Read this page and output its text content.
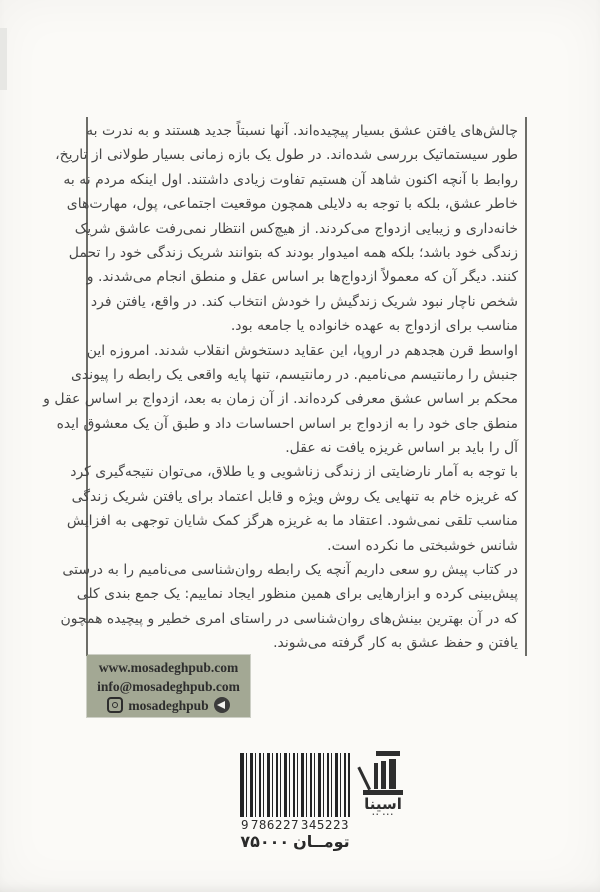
چالش‌های یافتن عشق بسیار پیچیده‌اند. آنها نسبتاً جدید هستند و به ندرت به
طور سیستماتیک بررسی شده‌اند. در طول یک بازه زمانی بسیار طولانی از تاریخ،
روابط با آنچه اکنون شاهد آن هستیم تفاوت زیادی داشتند. اول اینکه مردم نه به
خاطر عشق، بلکه با توجه به دلایلی همچون موقعیت اجتماعی، پول، مهارت‌های
خانه‌داری و زیبایی ازدواج می‌کردند. از هیچ‌کس انتظار نمی‌رفت عاشق شریک
زندگی خود باشد؛ بلکه همه امیدوار بودند که بتوانند شریک زندگی خود را تحمل
کنند. دیگر آن که معمولاً ازدواج‌ها بر اساس عقل و منطق انجام می‌شدند. و
شخص ناچار نبود شریک زندگیش را خودش انتخاب کند. در واقع، یافتن فرد
مناسب برای ازدواج به عهده خانواده یا جامعه بود.
اواسط قرن هجدهم در اروپا، این عقاید دستخوش انقلاب شدند. امروزه این
جنبش را رمانتیسم می‌نامیم. در رمانتیسم، تنها پایه واقعی یک رابطه را پیوندی
محکم بر اساس عشق معرفی کرده‌اند. از آن زمان به بعد، ازدواج بر اساس عقل و
منطق جای خود را به ازدواج بر اساس احساسات داد و طبق آن یک معشوق ایده
آل را باید بر اساس غریزه یافت نه عقل.
با توجه به آمار نارضایتی از زندگی زناشویی و یا طلاق، می‌توان نتیجه‌گیری کرد
که غریزه خام به تنهایی یک روش ویژه و قابل اعتماد برای یافتن شریک زندگی
مناسب تلقی نمی‌شود. اعتقاد ما به غریزه هرگز کمک شایان توجهی به افزایش
شانس خوشبختی ما نکرده است.
در کتاب پیش رو سعی داریم آنچه یک رابطه روان‌شناسی می‌نامیم را به درستی
پیش‌بینی کرده و ابزارهایی برای همین منظور ایجاد نماییم: یک جمع بندی کلی
که در آن بهترین بینش‌های روان‌شناسی در راستای امری خطیر و پیچیده همچون
یافتن و حفظ عشق به کار گرفته می‌شوند.
www.mosadeghpub.com
info@mosadeghpub.com
mosadeghpub
9 786227 345223
۷۵۰۰۰ تومــان
اسینا
•• •••
